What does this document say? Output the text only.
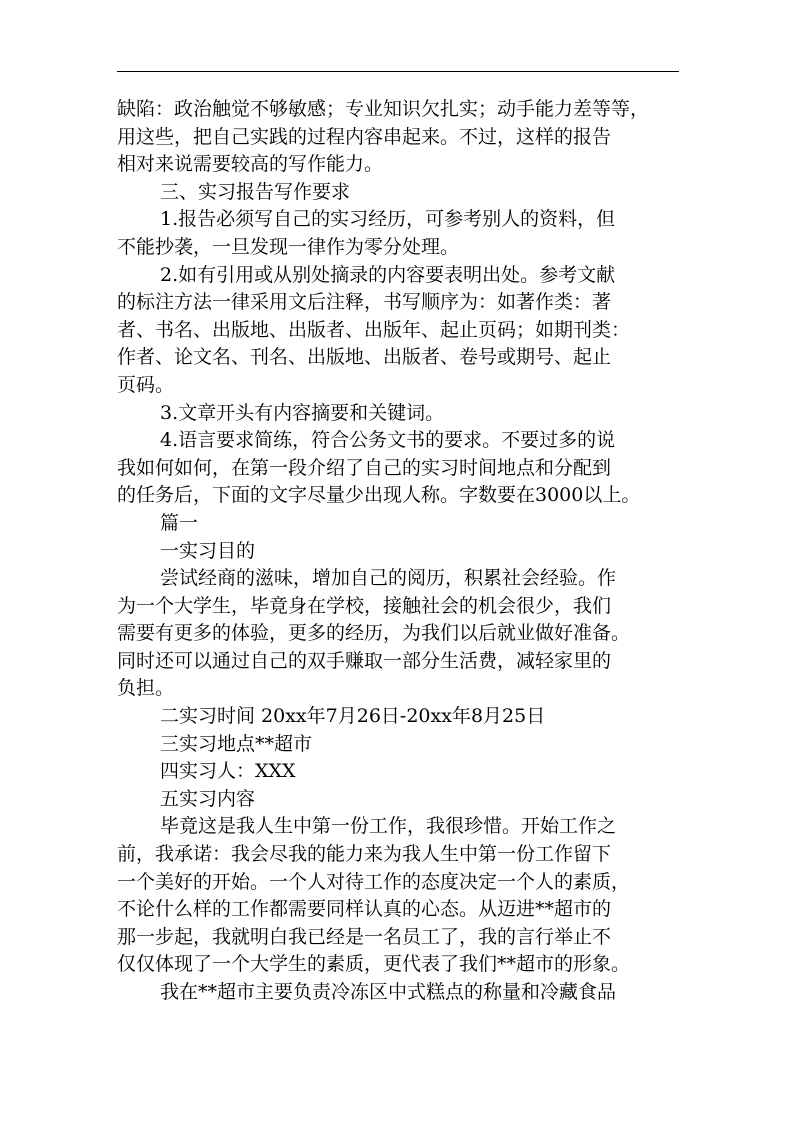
缺陷：政治触觉不够敏感；专业知识欠扎实；动手能力差等等，
用这些，把自己实践的过程内容串起来。不过，这样的报告
相对来说需要较高的写作能力。
三、实习报告写作要求
1.报告必须写自己的实习经历，可参考别人的资料，但
不能抄袭，一旦发现一律作为零分处理。
2.如有引用或从别处摘录的内容要表明出处。参考文献
的标注方法一律采用文后注释，书写顺序为：如著作类：著
者、书名、出版地、出版者、出版年、起止页码；如期刊类：
作者、论文名、刊名、出版地、出版者、卷号或期号、起止
页码。
3.文章开头有内容摘要和关键词。
4.语言要求简练，符合公务文书的要求。不要过多的说
我如何如何，在第一段介绍了自己的实习时间地点和分配到
的任务后，下面的文字尽量少出现人称。字数要在3000以上。
篇一
一实习目的
尝试经商的滋味，增加自己的阅历，积累社会经验。作
为一个大学生，毕竟身在学校，接触社会的机会很少，我们
需要有更多的体验，更多的经历，为我们以后就业做好准备。
同时还可以通过自己的双手赚取一部分生活费，减轻家里的
负担。
二实习时间 20xx年7月26日-20xx年8月25日
三实习地点**超市
四实习人：XXX
五实习内容
毕竟这是我人生中第一份工作，我很珍惜。开始工作之
前，我承诺：我会尽我的能力来为我人生中第一份工作留下
一个美好的开始。一个人对待工作的态度决定一个人的素质，
不论什么样的工作都需要同样认真的心态。从迈进**超市的
那一步起，我就明白我已经是一名员工了，我的言行举止不
仅仅体现了一个大学生的素质，更代表了我们**超市的形象。
我在**超市主要负责冷冻区中式糕点的称量和冷藏食品
